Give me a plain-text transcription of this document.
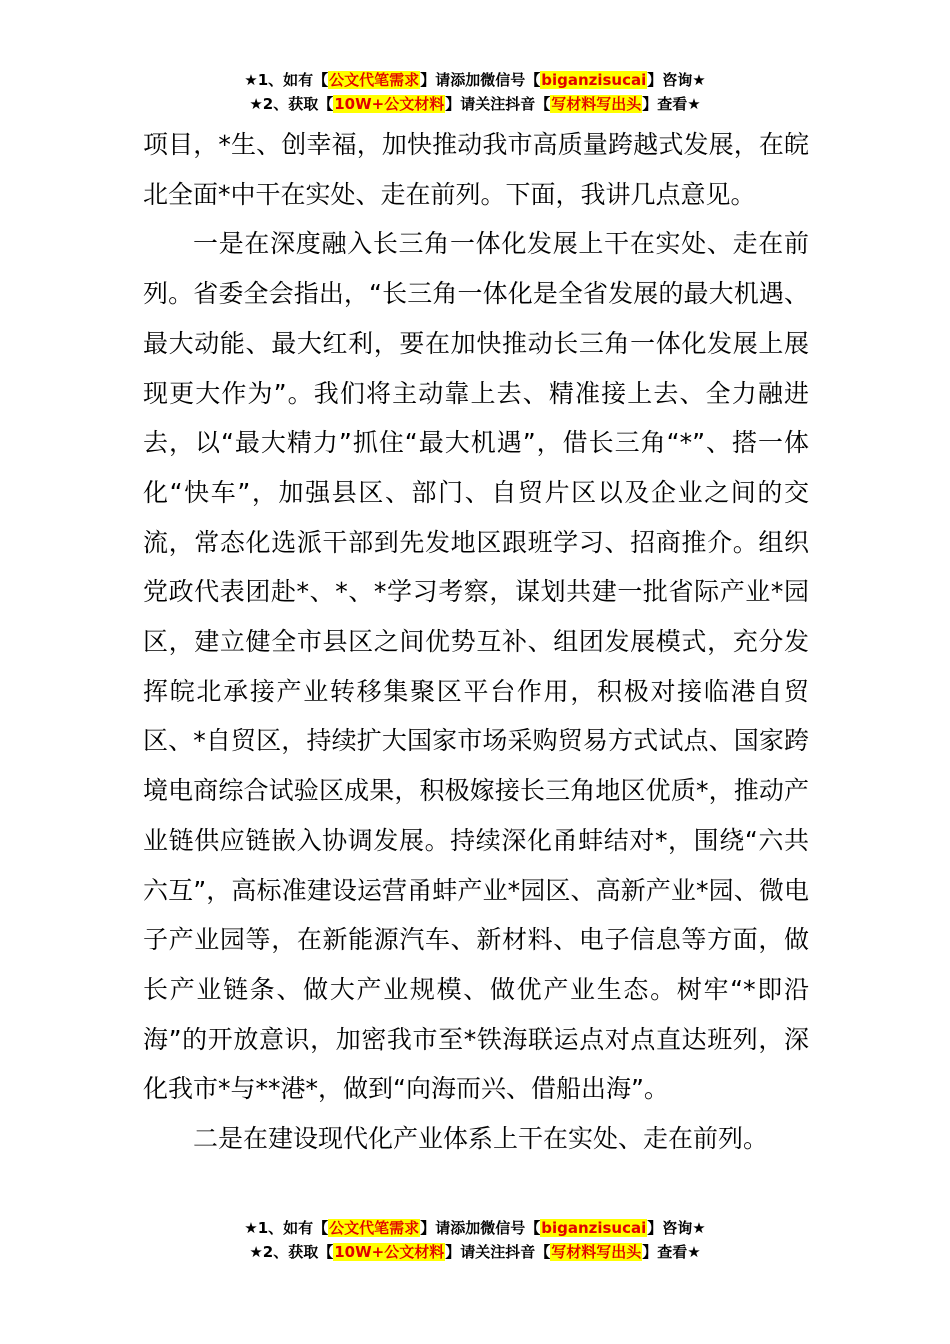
★1、如有【公文代笔需求】请添加微信号【biganzisucai】咨询★
★2、获取【10W+公文材料】请关注抖音【写材料写出头】查看★

项目，*生、创幸福，加快推动我市高质量跨越式发展，在皖北全面*中干在实处、走在前列。下面，我讲几点意见。

一是在深度融入长三角一体化发展上干在实处、走在前列。省委全会指出，“长三角一体化是全省发展的最大机遇、最大动能、最大红利，要在加快推动长三角一体化发展上展现更大作为”。我们将主动靠上去、精准接上去、全力融进去，以“最大精力”抓住“最大机遇”，借长三角“*”、搭一体化“快车”，加强县区、部门、自贸片区以及企业之间的交流，常态化选派干部到先发地区跟班学习、招商推介。组织党政代表团赴*、*、*学习考察，谋划共建一批省际产业*园区，建立健全市县区之间优势互补、组团发展模式，充分发挥皖北承接产业转移集聚区平台作用，积极对接临港自贸区、*自贸区，持续扩大国家市场采购贸易方式试点、国家跨境电商综合试验区成果，积极嫁接长三角地区优质*，推动产业链供应链嵌入协调发展。持续深化甬蚌结对*，围绕“六共六互”，高标准建设运营甬蚌产业*园区、高新产业*园、微电子产业园等，在新能源汽车、新材料、电子信息等方面，做长产业链条、做大产业规模、做优产业生态。树牢“*即沿海”的开放意识，加密我市至*铁海联运点对点直达班列，深化我市*与**港*，做到“向海而兴、借船出海”。

二是在建设现代化产业体系上干在实处、走在前列。

★1、如有【公文代笔需求】请添加微信号【biganzisucai】咨询★
★2、获取【10W+公文材料】请关注抖音【写材料写出头】查看★
